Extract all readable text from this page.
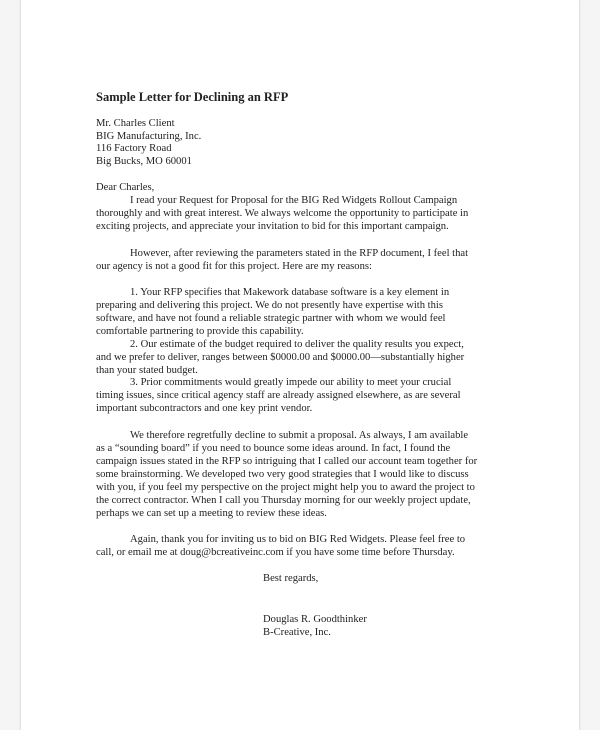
Sample Letter for Declining an RFP
Mr. Charles Client
BIG Manufacturing, Inc.
116 Factory Road
Big Bucks, MO 60001
Dear Charles,
I read your Request for Proposal for the BIG Red Widgets Rollout Campaign
thoroughly and with great interest. We always welcome the opportunity to participate in
exciting projects, and appreciate your invitation to bid for this important campaign.
However, after reviewing the parameters stated in the RFP document, I feel that
our agency is not a good fit for this project. Here are my reasons:
1. Your RFP specifies that Makework database software is a key element in
preparing and delivering this project. We do not presently have expertise with this
software, and have not found a reliable strategic partner with whom we would feel
comfortable partnering to provide this capability.
2. Our estimate of the budget required to deliver the quality results you expect,
and we prefer to deliver, ranges between $0000.00 and $0000.00—substantially higher
than your stated budget.
3. Prior commitments would greatly impede our ability to meet your crucial
timing issues, since critical agency staff are already assigned elsewhere, as are several
important subcontractors and one key print vendor.
We therefore regretfully decline to submit a proposal. As always, I am available
as a “sounding board” if you need to bounce some ideas around. In fact, I found the
campaign issues stated in the RFP so intriguing that I called our account team together for
some brainstorming. We developed two very good strategies that I would like to discuss
with you, if you feel my perspective on the project might help you to award the project to
the correct contractor. When I call you Thursday morning for our weekly project update,
perhaps we can set up a meeting to review these ideas.
Again, thank you for inviting us to bid on BIG Red Widgets. Please feel free to
call, or email me at doug@bcreativeinc.com if you have some time before Thursday.
Best regards,
Douglas R. Goodthinker
B-Creative, Inc.
